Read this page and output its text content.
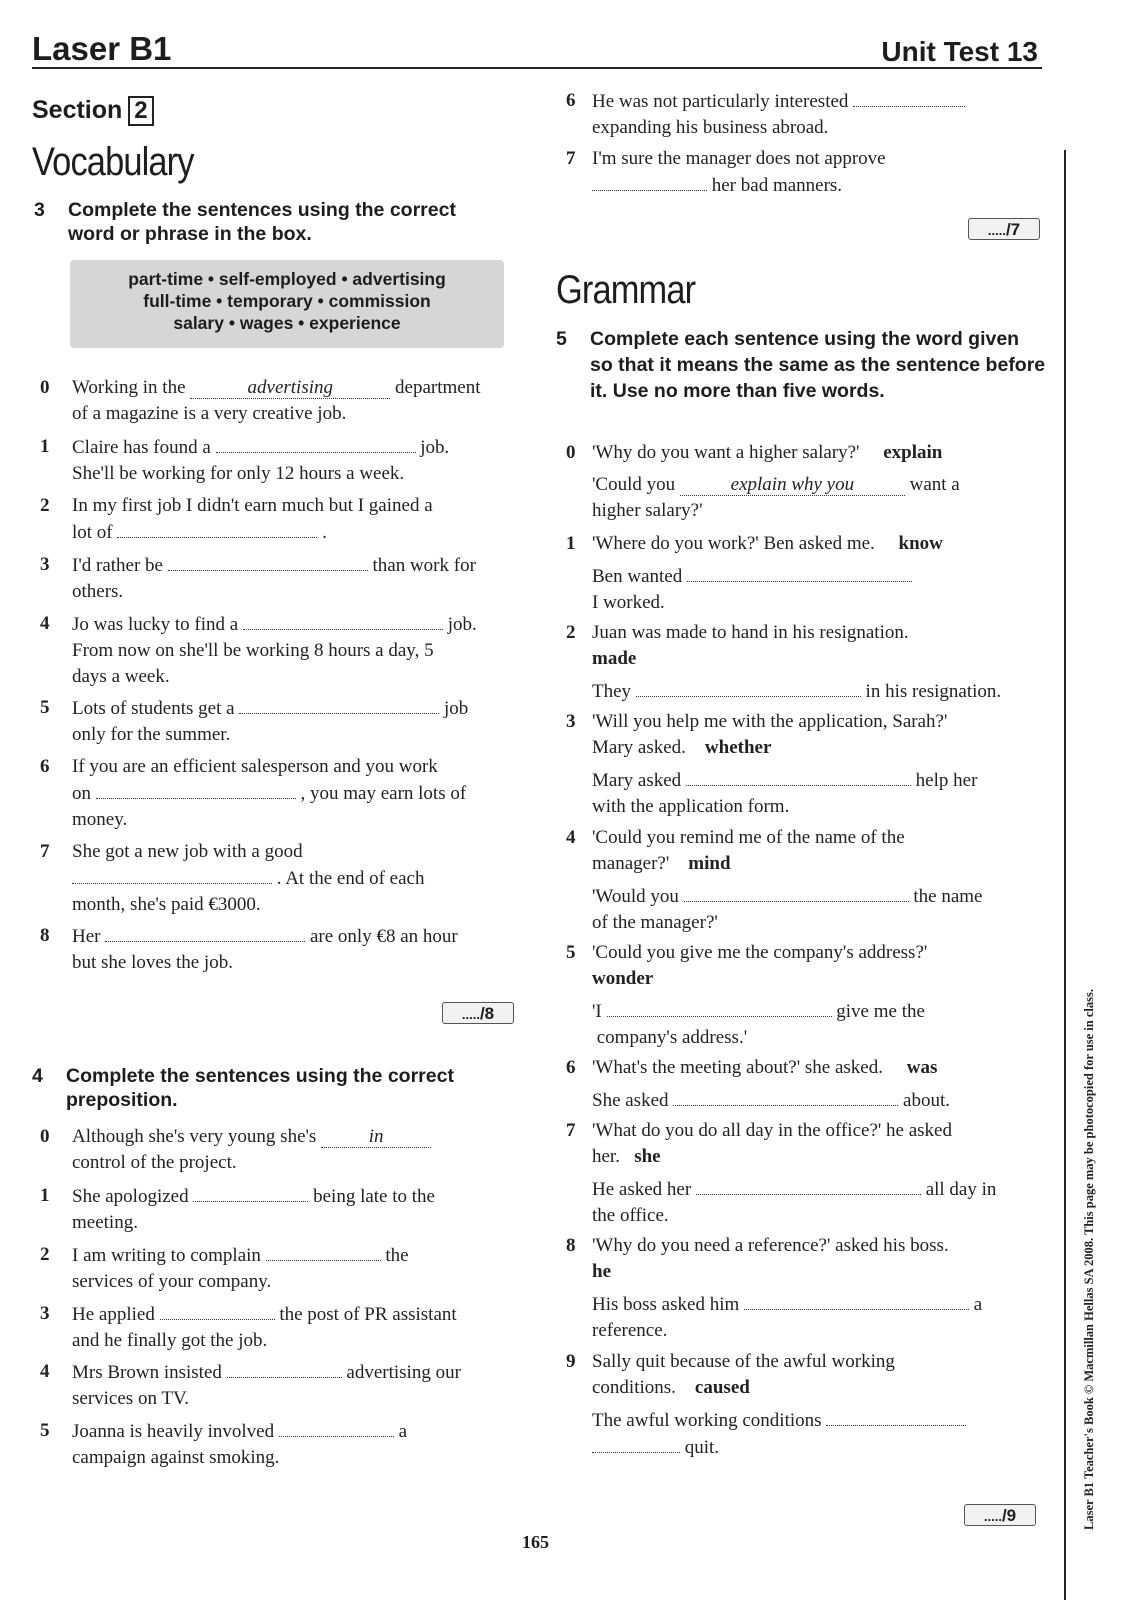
Laser B1	Unit Test 13
Section 2
Vocabulary
3 Complete the sentences using the correct word or phrase in the box.
part-time • self-employed • advertising
full-time • temporary • commission
salary • wages • experience
0 Working in the	advertising	department
of a magazine is a very creative job.
1 Claire has found a	job.
She'll be working for only 12 hours a week.
2 In my first job I didn't earn much but I gained a
lot of	.
3 I'd rather be	than work for
others.
4 Jo was lucky to find a	job.
From now on she'll be working 8 hours a day, 5
days a week.
5 Lots of students get a	job
only for the summer.
6 If you are an efficient salesperson and you work
on	, you may earn lots of
money.
7 She got a new job with a good
. At the end of each
month, she's paid €3000.
8 Her	are only €8 an hour
but she loves the job.
...../8
4 Complete the sentences using the correct preposition.
0 Although she's very young she's	in
control of the project.
1 She apologized	being late to the
meeting.
2 I am writing to complain	the
services of your company.
3 He applied	the post of PR assistant
and he finally got the job.
4 Mrs Brown insisted	advertising our
services on TV.
5 Joanna is heavily involved	a
campaign against smoking.
6 He was not particularly interested
expanding his business abroad.
7 I'm sure the manager does not approve
her bad manners.
...../7
Grammar
5 Complete each sentence using the word given so that it means the same as the sentence before it. Use no more than five words.
0 'Why do you want a higher salary?' explain
'Could you	explain why you	want a
higher salary?'
1 'Where do you work?' Ben asked me. know
Ben wanted
I worked.
2 Juan was made to hand in his resignation.
made
They	in his resignation.
3 'Will you help me with the application, Sarah?'
Mary asked. whether
Mary asked	help her
with the application form.
4 'Could you remind me of the name of the
manager?' mind
'Would you	the name
of the manager?'
5 'Could you give me the company's address?'
wonder
'I	give me the
company's address.'
6 'What's the meeting about?' she asked. was
She asked	about.
7 'What do you do all day in the office?' he asked
her. she
He asked her	all day in
the office.
8 'Why do you need a reference?' asked his boss.
he
His boss asked him	a
reference.
9 Sally quit because of the awful working
conditions. caused
The awful working conditions
quit.
...../9
165
Laser B1 Teacher's Book © Macmillan Hellas SA 2008. This page may be photocopied for use in class.
